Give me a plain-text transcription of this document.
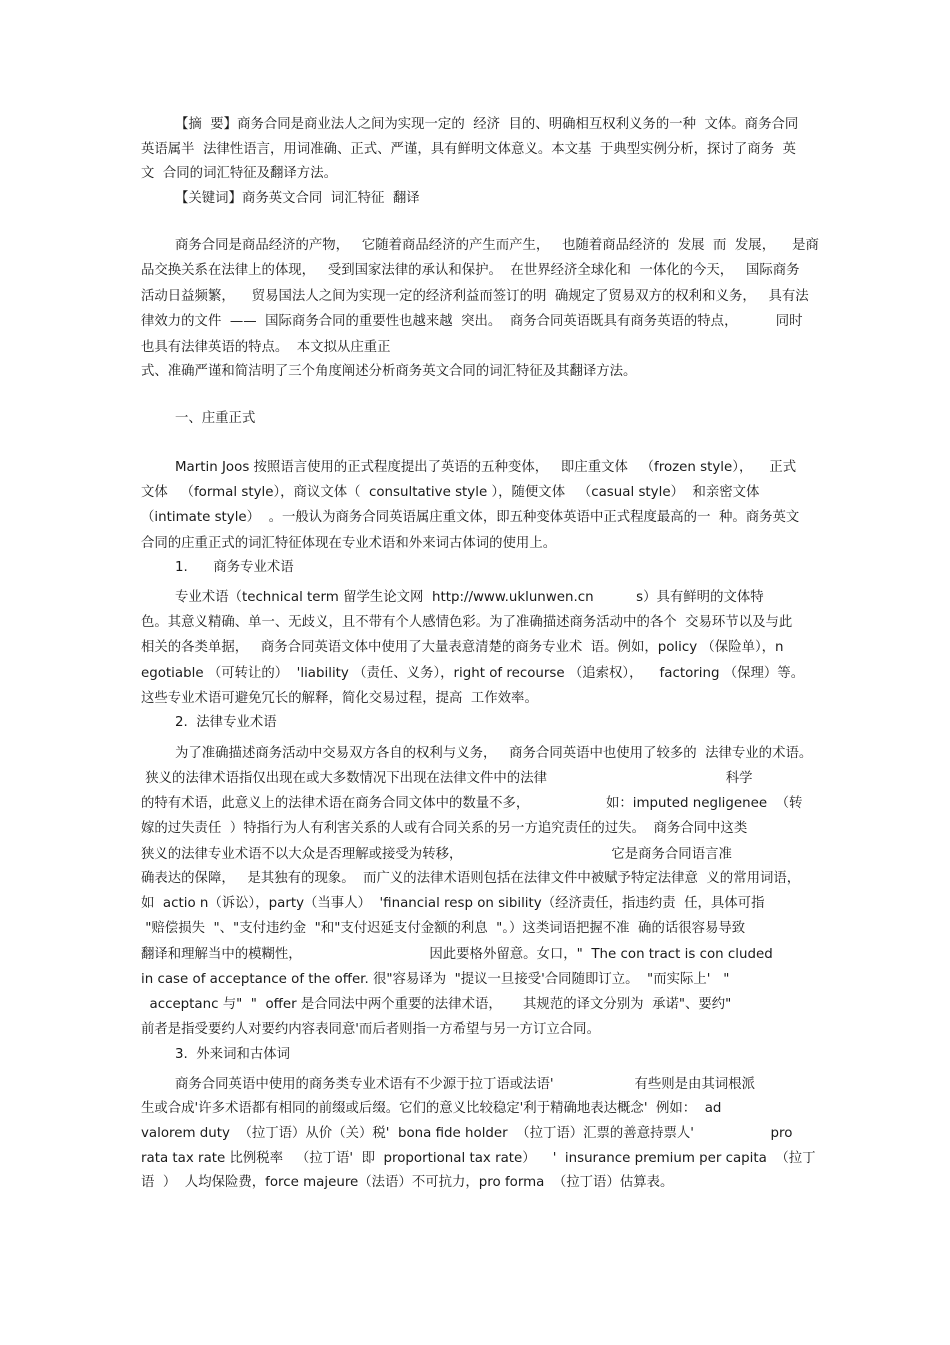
【摘  要】商务合同是商业法人之间为实现一定的  经济  目的、明确相互权利义务的一种  文体。商务合同

英语属半  法律性语言，用词准确、正式、严谨，具有鲜明文体意义。本文基  于典型实例分析，探讨了商务  英

文  合同的词汇特征及翻译方法。

【关键词】商务英文合同  词汇特征  翻译

商务合同是商品经济的产物，   它随着商品经济的产生而产生，   也随着商品经济的  发展  而  发展，    是商

品交换关系在法律上的体现，   受到国家法律的承认和保护。  在世界经济全球化和  一体化的今天，   国际商务

活动日益频繁，    贸易国法人之间为实现一定的经济利益而签订的明  确规定了贸易双方的权利和义务，   具有法

律效力的文件  ——  国际商务合同的重要性也越来越  突出。  商务合同英语既具有商务英语的特点，         同时

也具有法律英语的特点。  本文拟从庄重正

式、准确严谨和简洁明了三个角度阐述分析商务英文合同的词汇特征及其翻译方法。

一、庄重正式

Martin Joos 按照语言使用的正式程度提出了英语的五种变体，   即庄重文体   （frozen style），    正式

文体   （formal style），商议文体（  consultative style ），随便文体   （casual style）  和亲密文体

（intimate style）  。一般认为商务合同英语属庄重文体，即五种变体英语中正式程度最高的一  种。商务英文

合同的庄重正式的词汇特征体现在专业术语和外来词古体词的使用上。

1.      商务专业术语

专业术语（technical term 留学生论文网  http://www.uklunwen.cn          s）具有鲜明的文体特

色。其意义精确、单一、无歧义，且不带有个人感情色彩。为了准确描述商务活动中的各个  交易环节以及与此

相关的各类单据，   商务合同英语文体中使用了大量表意清楚的商务专业术  语。例如，policy （保险单），n

egotiable （可转让的）  'liability （责任、义务），right of recourse （追索权），    factoring （保理）等。

这些专业术语可避免冗长的解释，简化交易过程，提高  工作效率。

2.  法律专业术语

为了准确描述商务活动中交易双方各自的权利与义务，   商务合同英语中也使用了较多的  法律专业的术语。

狭义的法律术语指仅出现在或大多数情况下出现在法律文件中的法律                                          科学

的特有术语，此意义上的法律术语在商务合同文体中的数量不多，                  如：imputed negligenee  （转

嫁的过失责任  ）特指行为人有利害关系的人或有合同关系的另一方追究责任的过失。  商务合同中这类

狭义的法律专业术语不以大众是否理解或接受为转移，                                   它是商务合同语言准

确表达的保障，   是其独有的现象。  而广义的法律术语则包括在法律文件中被赋予特定法律意  义的常用词语，

如  actio n（诉讼），party（当事人）  'financial resp on sibility（经济责任，指违约责  任，具体可指

"赔偿损失  "、"支付违约金  "和"支付迟延支付金额的利息  "。）这类词语把握不准  确的话很容易导致

翻译和理解当中的模糊性，                              因此要格外留意。女口，"  The con tract is con cluded

in case of acceptance of the offer. 很"容易译为  "提议一旦接受'合同随即订立。  "而实际上'   "

acceptanc 与"  "  offer 是合同法中两个重要的法律术语，     其规范的译文分别为  承诺"、要约"

前者是指受要约人对要约内容表同意'而后者则指一方希望与另一方订立合同。

3.  外来词和古体词

商务合同英语中使用的商务类专业术语有不少源于拉丁语或法语'                   有些则是由其词根派

生或合成'许多术语都有相同的前缀或后缀。它们的意义比较稳定'利于精确地表达概念'  例如：  ad

valorem duty  （拉丁语）从价（关）税'  bona fide holder  （拉丁语）汇票的善意持票人'                  pro

rata tax rate 比例税率   （拉丁语'  即  proportional tax rate）    '  insurance premium per capita  （拉丁

语  ）  人均保险费，force majeure（法语）不可抗力，pro forma  （拉丁语）估算表。
